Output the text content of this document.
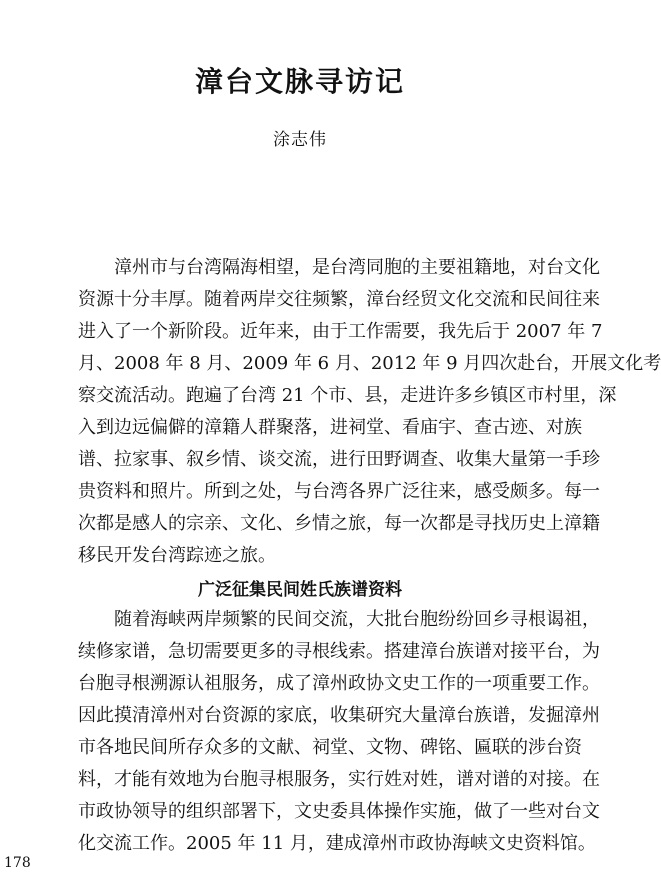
漳台文脉寻访记
涂志伟
漳州市与台湾隔海相望，是台湾同胞的主要祖籍地，对台文化
资源十分丰厚。随着两岸交往频繁，漳台经贸文化交流和民间往来
进入了一个新阶段。近年来，由于工作需要，我先后于 2007 年 7
月、2008 年 8 月、2009 年 6 月、2012 年 9 月四次赴台，开展文化考
察交流活动。跑遍了台湾 21 个市、县，走进许多乡镇区市村里，深
入到边远偏僻的漳籍人群聚落，进祠堂、看庙宇、查古迹、对族
谱、拉家事、叙乡情、谈交流，进行田野调查、收集大量第一手珍
贵资料和照片。所到之处，与台湾各界广泛往来，感受颇多。每一
次都是感人的宗亲、文化、乡情之旅，每一次都是寻找历史上漳籍
移民开发台湾踪迹之旅。
广泛征集民间姓氏族谱资料
随着海峡两岸频繁的民间交流，大批台胞纷纷回乡寻根谒祖，
续修家谱，急切需要更多的寻根线索。搭建漳台族谱对接平台，为
台胞寻根溯源认祖服务，成了漳州政协文史工作的一项重要工作。
因此摸清漳州对台资源的家底，收集研究大量漳台族谱，发掘漳州
市各地民间所存众多的文献、祠堂、文物、碑铭、匾联的涉台资
料，才能有效地为台胞寻根服务，实行姓对姓，谱对谱的对接。在
市政协领导的组织部署下，文史委具体操作实施，做了一些对台文
化交流工作。2005 年 11 月，建成漳州市政协海峡文史资料馆。
178
